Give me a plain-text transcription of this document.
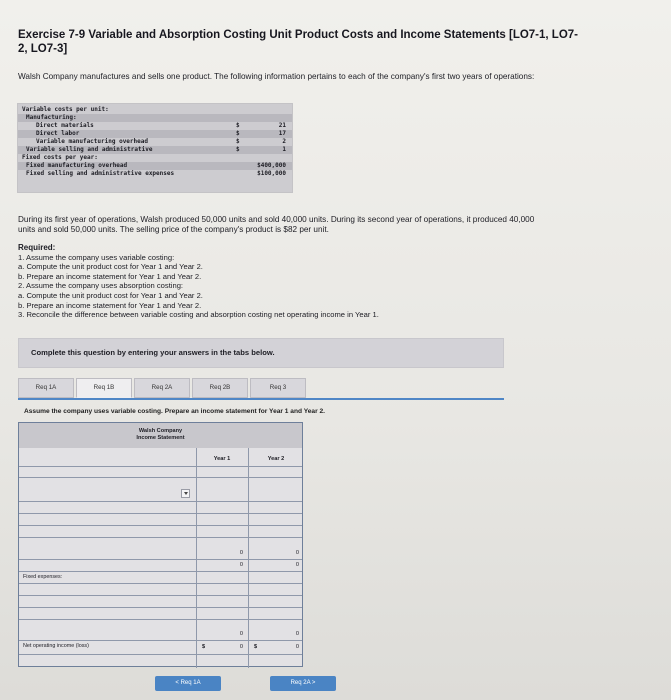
Exercise 7-9 Variable and Absorption Costing Unit Product Costs and Income Statements [LO7-1, LO7-2, LO7-3]
Walsh Company manufactures and sells one product. The following information pertains to each of the company's first two years of operations:
Variable costs per unit:
Manufacturing:
Direct materials	$	21
Direct labor	$	17
Variable manufacturing overhead	$	2
Variable selling and administrative	$	1
Fixed costs per year:
Fixed manufacturing overhead	$400,000
Fixed selling and administrative expenses	$100,000
During its first year of operations, Walsh produced 50,000 units and sold 40,000 units. During its second year of operations, it produced 40,000 units and sold 50,000 units. The selling price of the company's product is $82 per unit.
Required:
1. Assume the company uses variable costing:
a. Compute the unit product cost for Year 1 and Year 2.
b. Prepare an income statement for Year 1 and Year 2.
2. Assume the company uses absorption costing:
a. Compute the unit product cost for Year 1 and Year 2.
b. Prepare an income statement for Year 1 and Year 2.
3. Reconcile the difference between variable costing and absorption costing net operating income in Year 1.
Complete this question by entering your answers in the tabs below.
Req 1A	Req 1B	Req 2A	Req 2B	Req 3
Assume the company uses variable costing. Prepare an income statement for Year 1 and Year 2.
Walsh Company
Income Statement
Year 1	Year 2
0	0
0	0
Fixed expenses:
0	0
Net operating income (loss)	$	0 $	0
< Req 1A	Req 2A >
